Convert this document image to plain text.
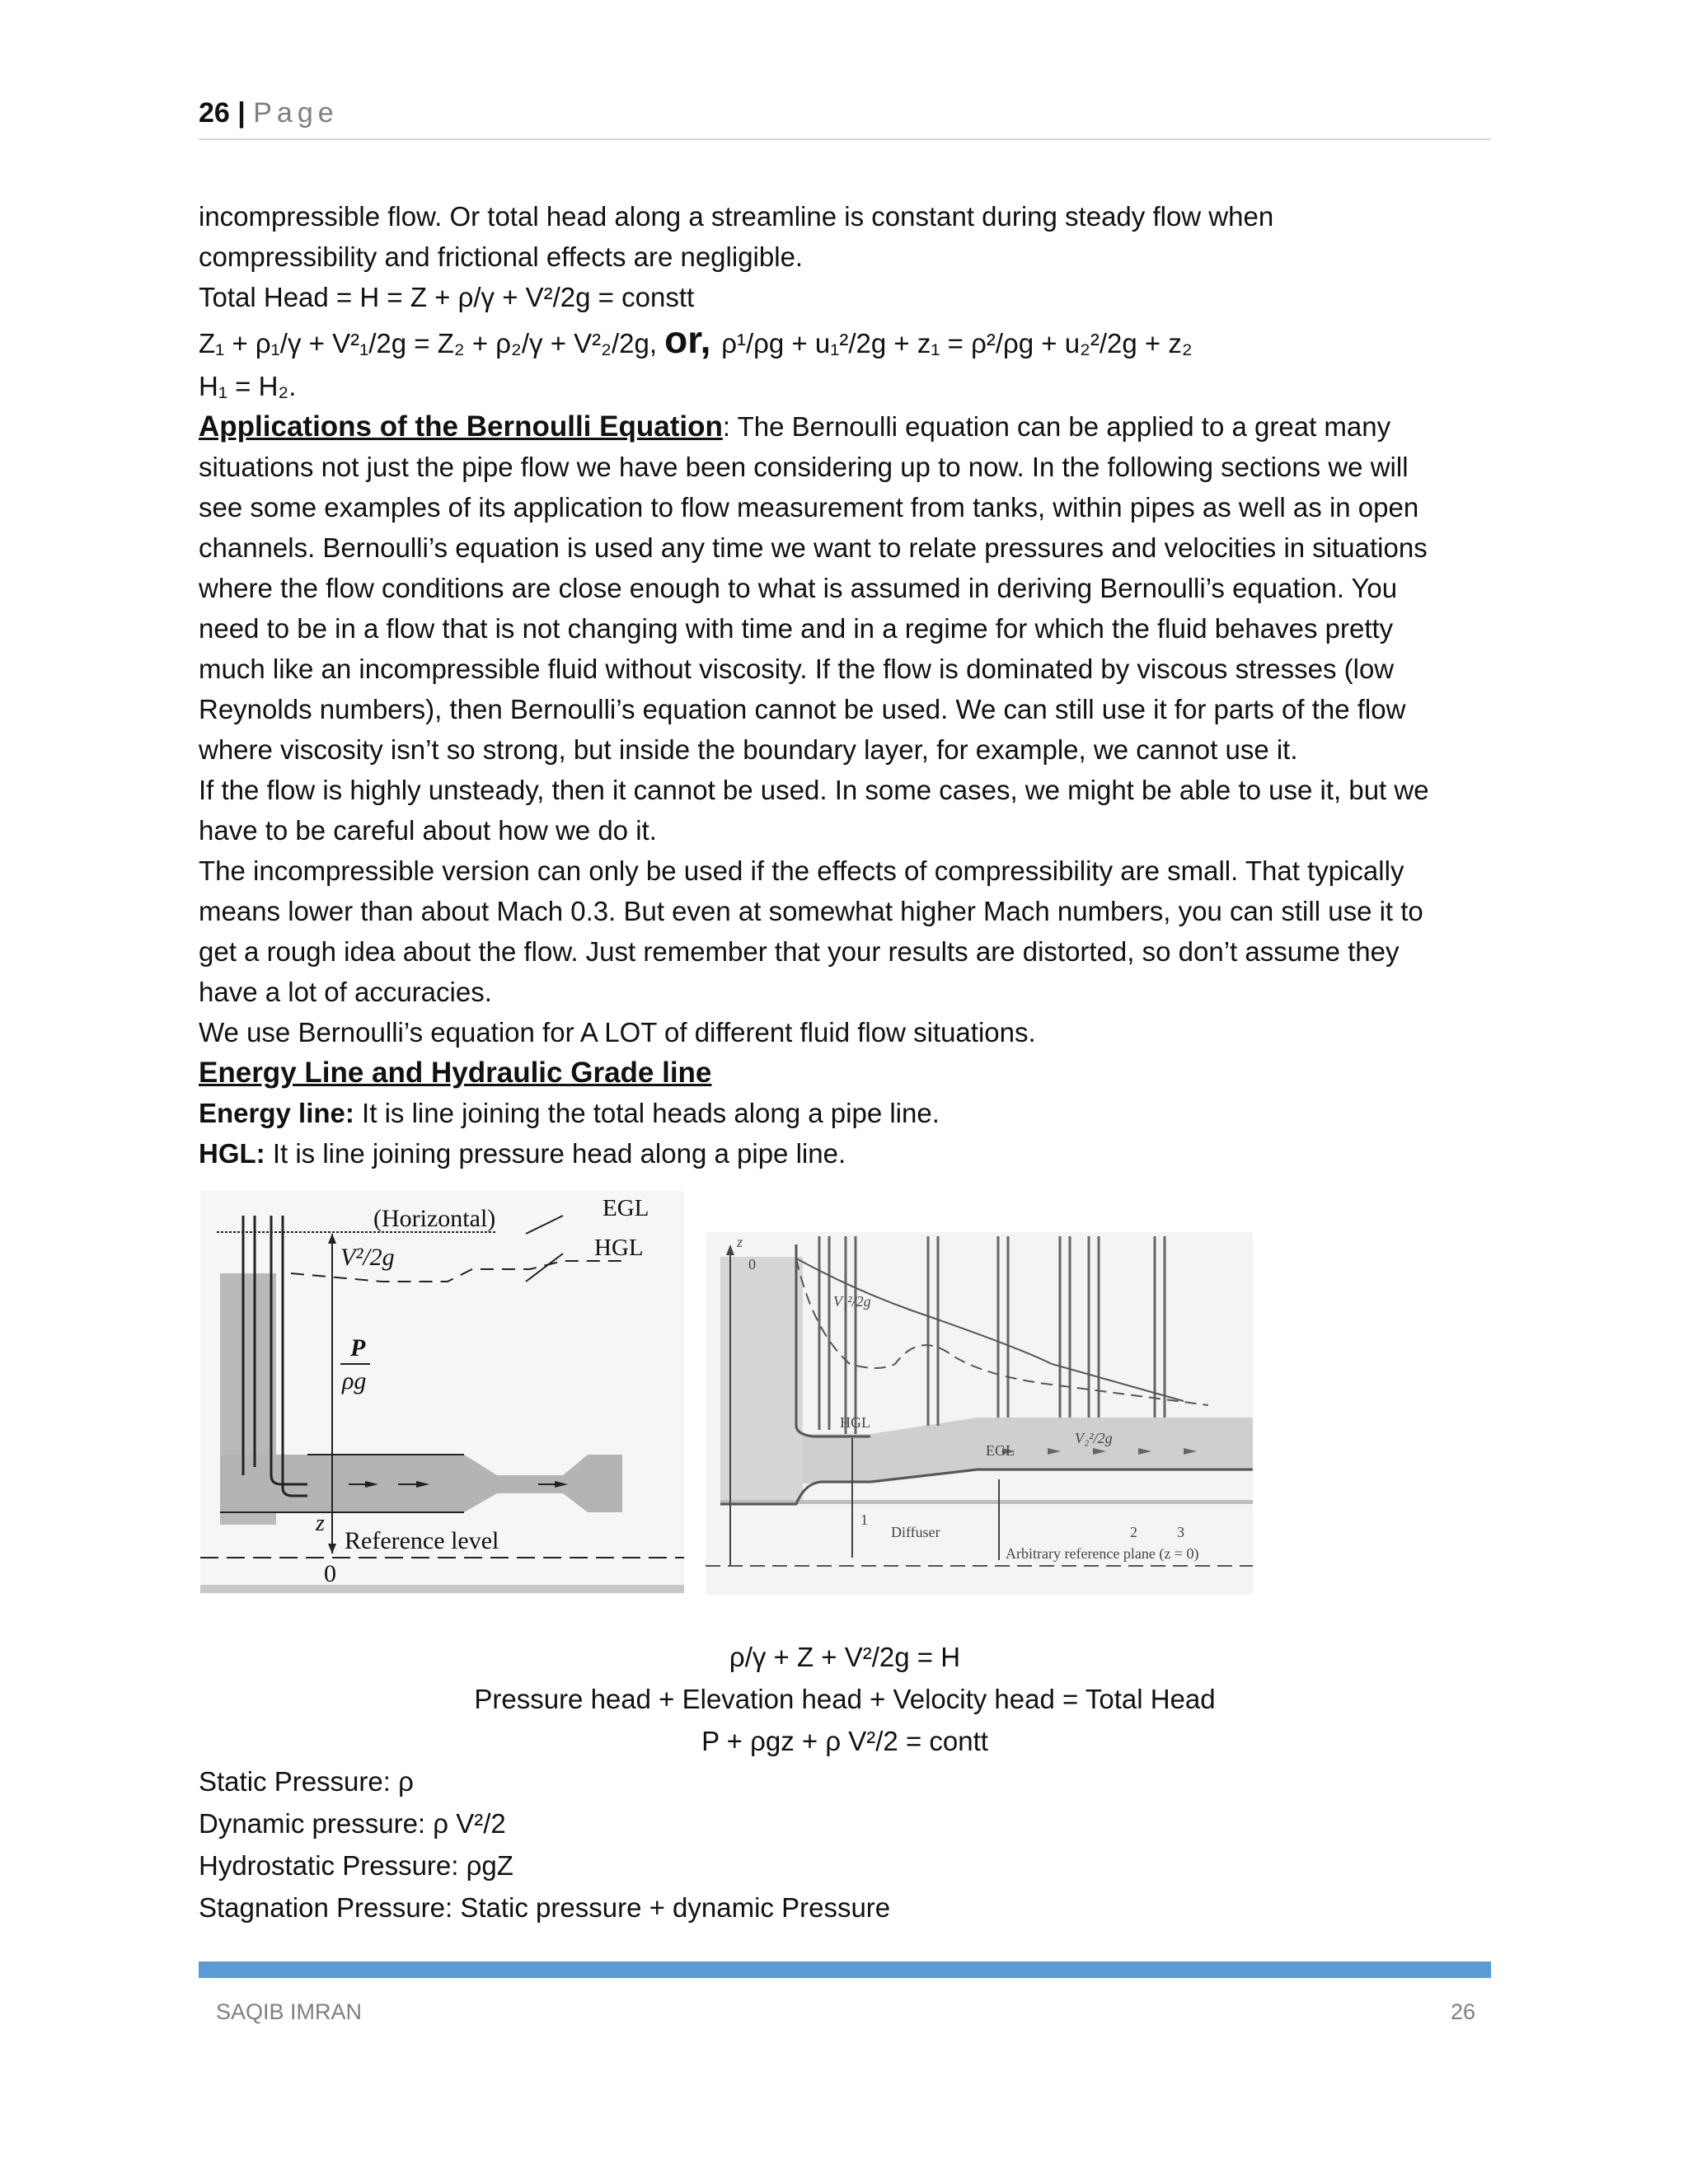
26 | Page
incompressible flow. Or total head along a streamline is constant during steady flow when
compressibility and frictional effects are negligible.
Total Head = H = Z + ρ/γ + V²/2g = constt
Z₁ + ρ₁/γ + V²₁/2g = Z₂ + ρ₂/γ + V²₂/2g, or, ρ¹/ρg + u₁²/2g + z₁ = ρ²/ρg + u₂²/2g + z₂
H₁ = H₂.
Applications of the Bernoulli Equation: The Bernoulli equation can be applied to a great many
situations not just the pipe flow we have been considering up to now. In the following sections we will
see some examples of its application to flow measurement from tanks, within pipes as well as in open
channels. Bernoulli’s equation is used any time we want to relate pressures and velocities in situations
where the flow conditions are close enough to what is assumed in deriving Bernoulli’s equation. You
need to be in a flow that is not changing with time and in a regime for which the fluid behaves pretty
much like an incompressible fluid without viscosity. If the flow is dominated by viscous stresses (low
Reynolds numbers), then Bernoulli’s equation cannot be used. We can still use it for parts of the flow
where viscosity isn’t so strong, but inside the boundary layer, for example, we cannot use it.
If the flow is highly unsteady, then it cannot be used. In some cases, we might be able to use it, but we
have to be careful about how we do it.
The incompressible version can only be used if the effects of compressibility are small. That typically
means lower than about Mach 0.3. But even at somewhat higher Mach numbers, you can still use it to
get a rough idea about the flow. Just remember that your results are distorted, so don’t assume they
have a lot of accuracies.
We use Bernoulli’s equation for A LOT of different fluid flow situations.
Energy Line and Hydraulic Grade line
Energy line: It is line joining the total heads along a pipe line.
HGL: It is line joining pressure head along a pipe line.
(Horizontal)	EGL
HGL
V²/2g
P
ρg
z
Reference level
0
z
0
V₁²/2g
HGL
EGL
V₂²/2g
1
Diffuser	2	3
Arbitrary reference plane (z = 0)
ρ/γ + Z + V²/2g = H
Pressure head + Elevation head + Velocity head = Total Head
P + ρgz + ρ V²/2 = contt
Static Pressure: ρ
Dynamic pressure: ρ V²/2
Hydrostatic Pressure: ρgZ
Stagnation Pressure: Static pressure + dynamic Pressure
SAQIB IMRAN	26
